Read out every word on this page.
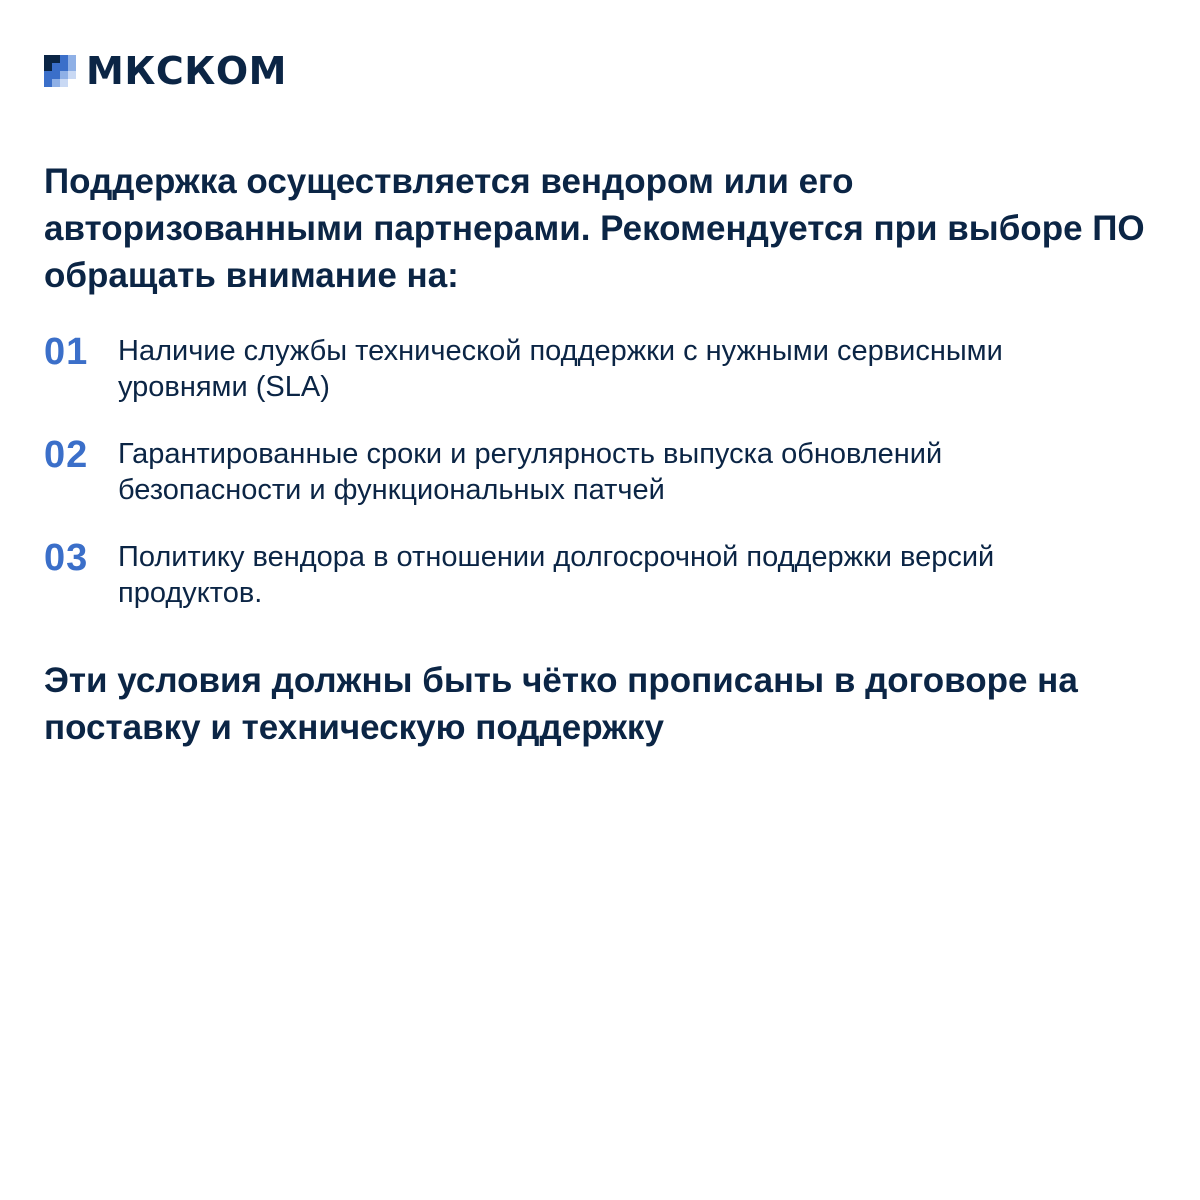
МКСКОМ

Поддержка осуществляется вендором или его авторизованными партнерами. Рекомендуется при выборе ПО обращать внимание на:

01	Наличие службы технической поддержки с нужными сервисными уровнями (SLA)
02	Гарантированные сроки и регулярность выпуска обновлений безопасности и функциональных патчей
03	Политику вендора в отношении долгосрочной поддержки версий продуктов.

Эти условия должны быть чётко прописаны в договоре на поставку и техническую поддержку
